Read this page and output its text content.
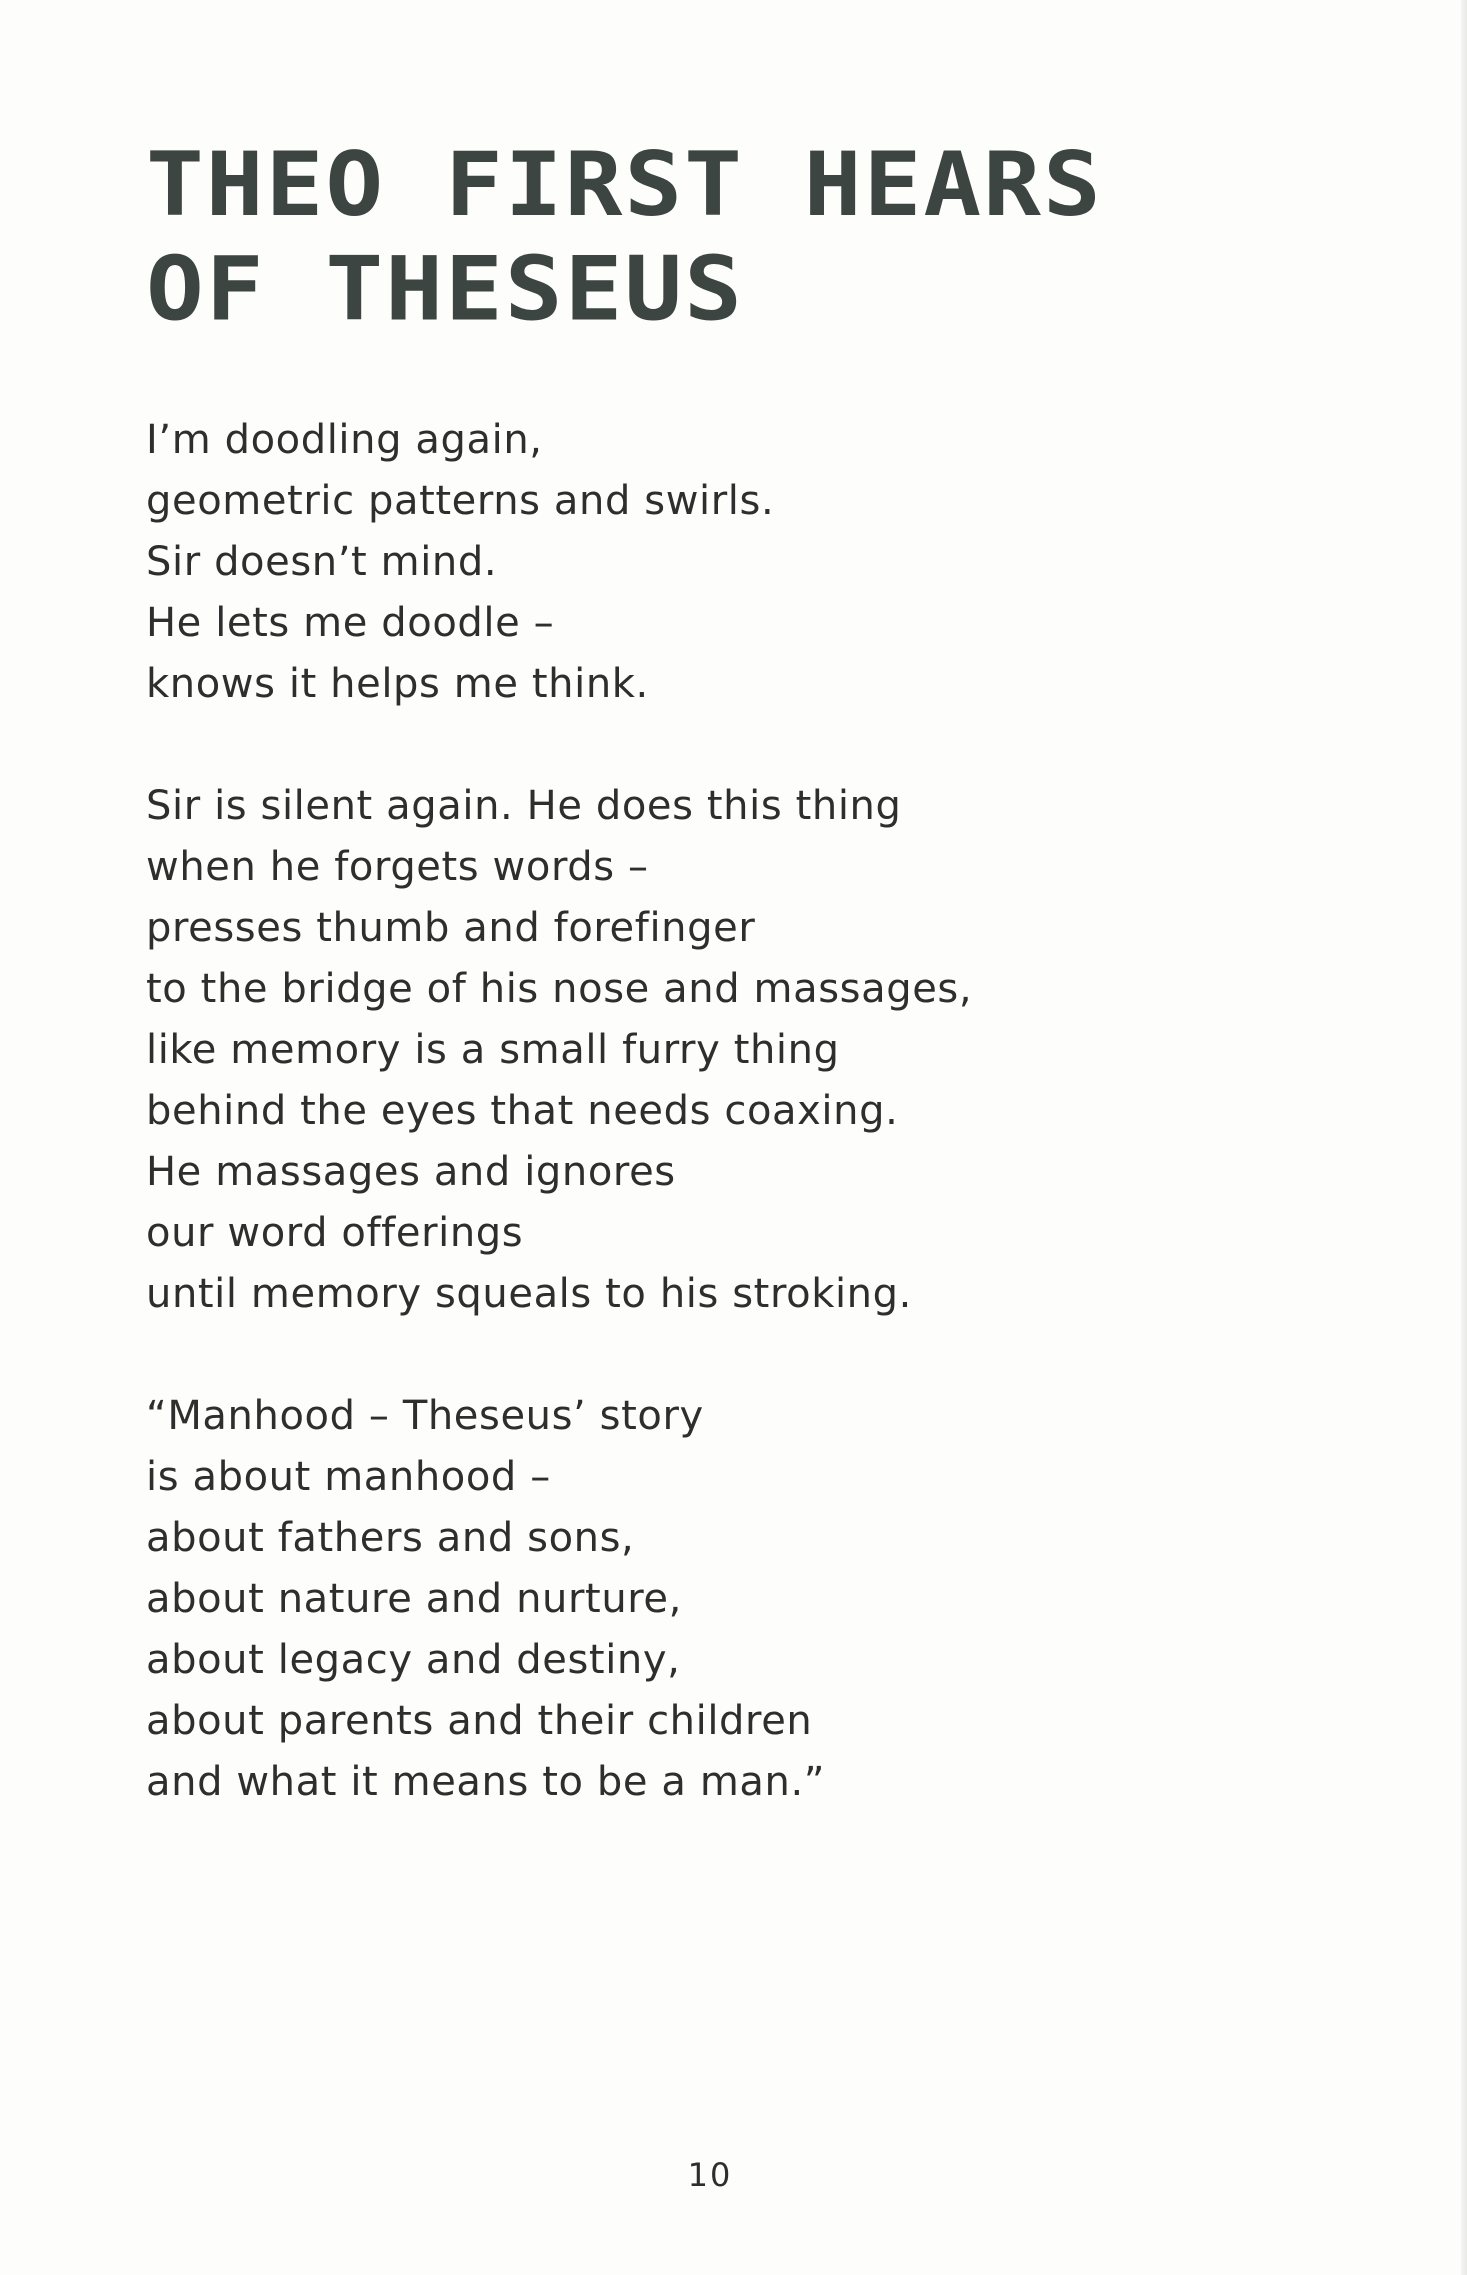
THEO FIRST HEARS
OF THESEUS
I’m doodling again,
geometric patterns and swirls.
Sir doesn’t mind.
He lets me doodle –
knows it helps me think.
Sir is silent again. He does this thing
when he forgets words –
presses thumb and forefinger
to the bridge of his nose and massages,
like memory is a small furry thing
behind the eyes that needs coaxing.
He massages and ignores
our word offerings
until memory squeals to his stroking.
“Manhood – Theseus’ story
is about manhood –
about fathers and sons,
about nature and nurture,
about legacy and destiny,
about parents and their children
and what it means to be a man.”
10
